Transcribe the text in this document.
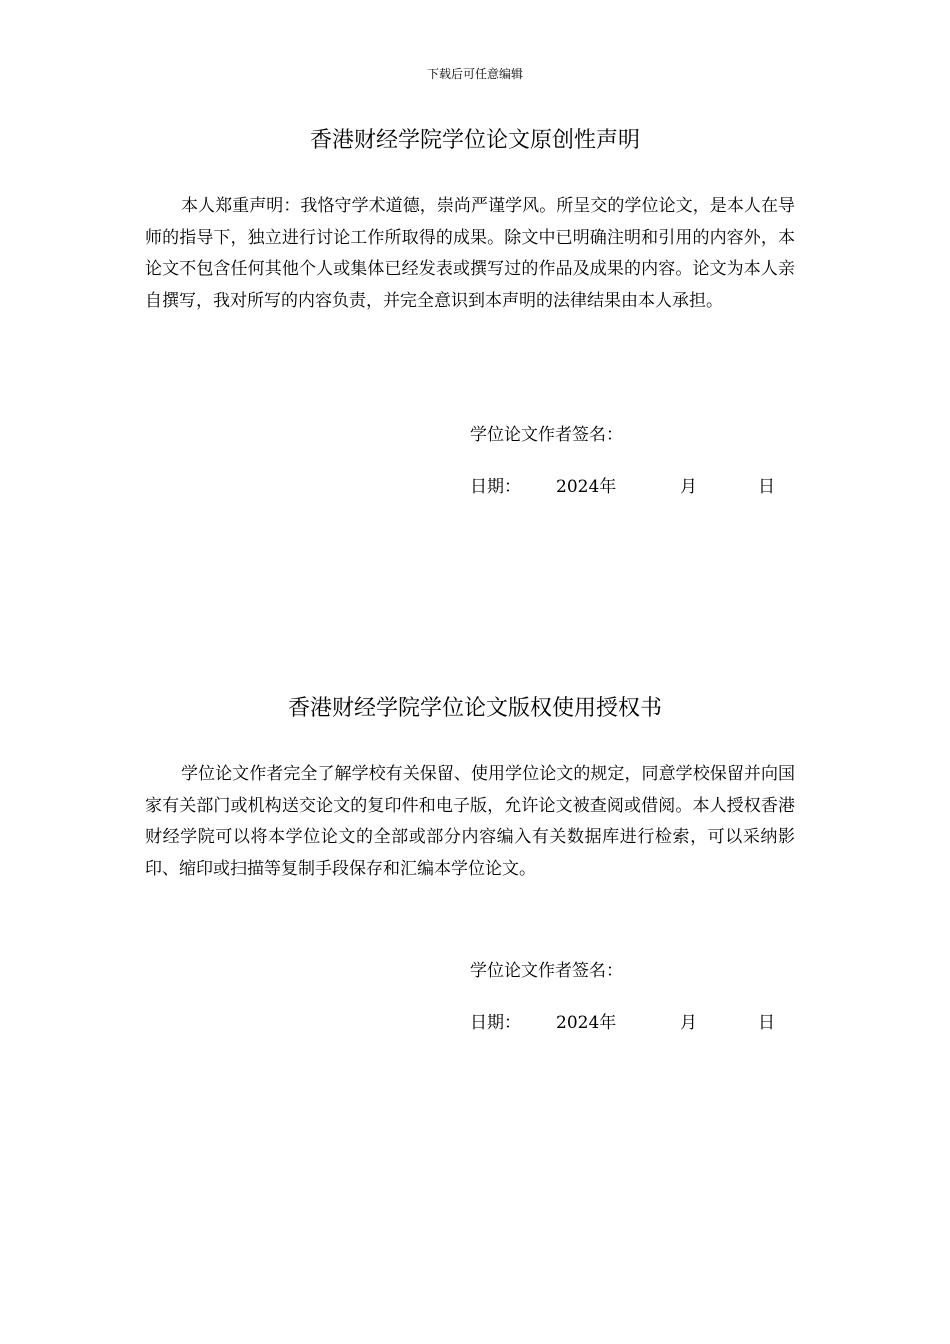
下载后可任意编辑
香港财经学院学位论文原创性声明

本人郑重声明：我恪守学术道德，崇尚严谨学风。所呈交的学位论文，是本人在导师的指导下，独立进行讨论工作所取得的成果。除文中已明确注明和引用的内容外，本论文不包含任何其他个人或集体已经发表或撰写过的作品及成果的内容。论文为本人亲自撰写，我对所写的内容负责，并完全意识到本声明的法律结果由本人承担。

学位论文作者签名：
日期： 2024年	月	日
香港财经学院学位论文版权使用授权书

学位论文作者完全了解学校有关保留、使用学位论文的规定，同意学校保留并向国家有关部门或机构送交论文的复印件和电子版，允许论文被查阅或借阅。本人授权香港财经学院可以将本学位论文的全部或部分内容编入有关数据库进行检索，可以采纳影印、缩印或扫描等复制手段保存和汇编本学位论文。

学位论文作者签名：
日期： 2024年	月	日
